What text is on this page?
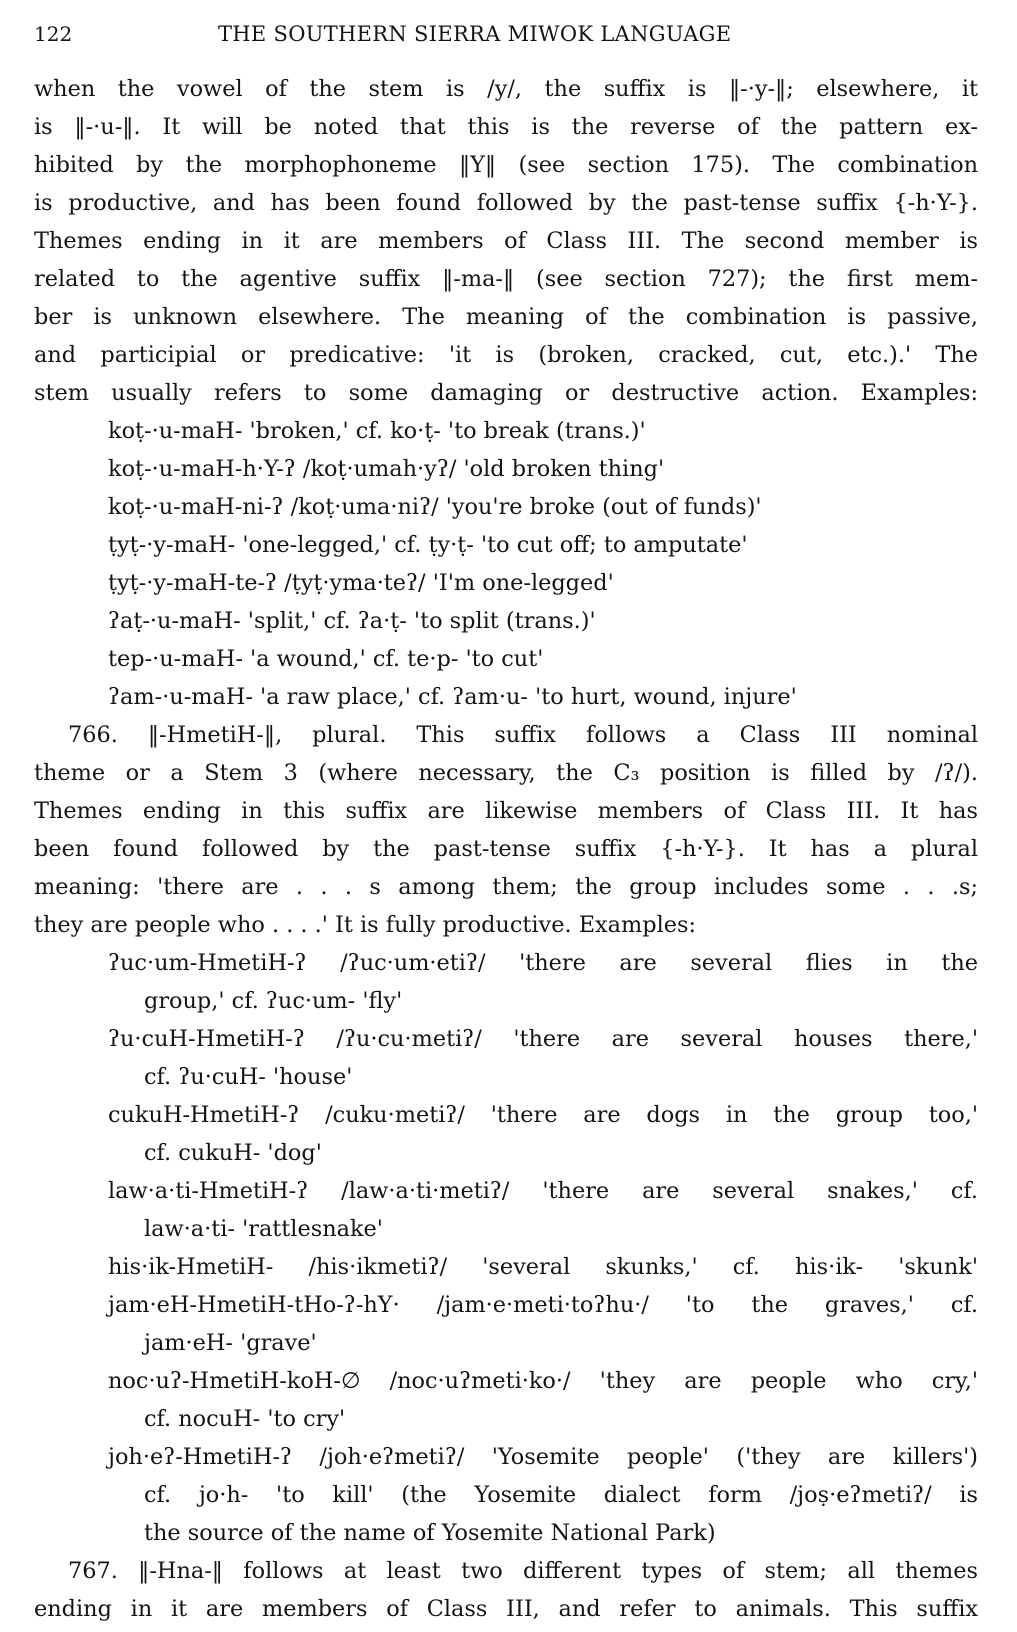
122	THE SOUTHERN SIERRA MIWOK LANGUAGE
when the vowel of the stem is /y/, the suffix is ‖-·y-‖; elsewhere, it
is ‖-·u-‖. It will be noted that this is the reverse of the pattern ex-
hibited by the morphophoneme ‖Y‖ (see section 175). The combination
is productive, and has been found followed by the past-tense suffix {-h·Y-}.
Themes ending in it are members of Class III. The second member is
related to the agentive suffix ‖-ma-‖ (see section 727); the first mem-
ber is unknown elsewhere. The meaning of the combination is passive,
and participial or predicative: 'it is (broken, cracked, cut, etc.).' The
stem usually refers to some damaging or destructive action. Examples:
koṭ-·u-maH- 'broken,' cf. ko·ṭ- 'to break (trans.)'
koṭ-·u-maH-h·Y-ʔ /koṭ·umah·yʔ/ 'old broken thing'
koṭ-·u-maH-ni-ʔ /koṭ·uma·niʔ/ 'you're broke (out of funds)'
ṭyṭ-·y-maH- 'one-legged,' cf. ṭy·ṭ- 'to cut off; to amputate'
ṭyṭ-·y-maH-te-ʔ /ṭyṭ·yma·teʔ/ 'I'm one-legged'
ʔaṭ-·u-maH- 'split,' cf. ʔa·ṭ- 'to split (trans.)'
tep-·u-maH- 'a wound,' cf. te·p- 'to cut'
ʔam-·u-maH- 'a raw place,' cf. ʔam·u- 'to hurt, wound, injure'
766. ‖-HmetiH-‖, plural. This suffix follows a Class III nominal
theme or a Stem 3 (where necessary, the C₃ position is filled by /ʔ/).
Themes ending in this suffix are likewise members of Class III. It has
been found followed by the past-tense suffix {-h·Y-}. It has a plural
meaning: 'there are . . . s among them; the group includes some . . .s;
they are people who . . . .' It is fully productive. Examples:
ʔuc·um-HmetiH-ʔ /ʔuc·um·etiʔ/ 'there are several flies in the
group,' cf. ʔuc·um- 'fly'
ʔu·cuH-HmetiH-ʔ /ʔu·cu·metiʔ/ 'there are several houses there,'
cf. ʔu·cuH- 'house'
cukuH-HmetiH-ʔ /cuku·metiʔ/ 'there are dogs in the group too,'
cf. cukuH- 'dog'
law·a·ti-HmetiH-ʔ /law·a·ti·metiʔ/ 'there are several snakes,' cf.
law·a·ti- 'rattlesnake'
his·ik-HmetiH- /his·ikmetiʔ/ 'several skunks,' cf. his·ik- 'skunk'
jam·eH-HmetiH-tHo-ʔ-hY· /jam·e·meti·toʔhu·/ 'to the graves,' cf.
jam·eH- 'grave'
noc·uʔ-HmetiH-koH-∅ /noc·uʔmeti·ko·/ 'they are people who cry,'
cf. nocuH- 'to cry'
joh·eʔ-HmetiH-ʔ /joh·eʔmetiʔ/ 'Yosemite people' ('they are killers')
cf. jo·h- 'to kill' (the Yosemite dialect form /joṣ·eʔmetiʔ/ is
the source of the name of Yosemite National Park)
767. ‖-Hna-‖ follows at least two different types of stem; all themes
ending in it are members of Class III, and refer to animals. This suffix
